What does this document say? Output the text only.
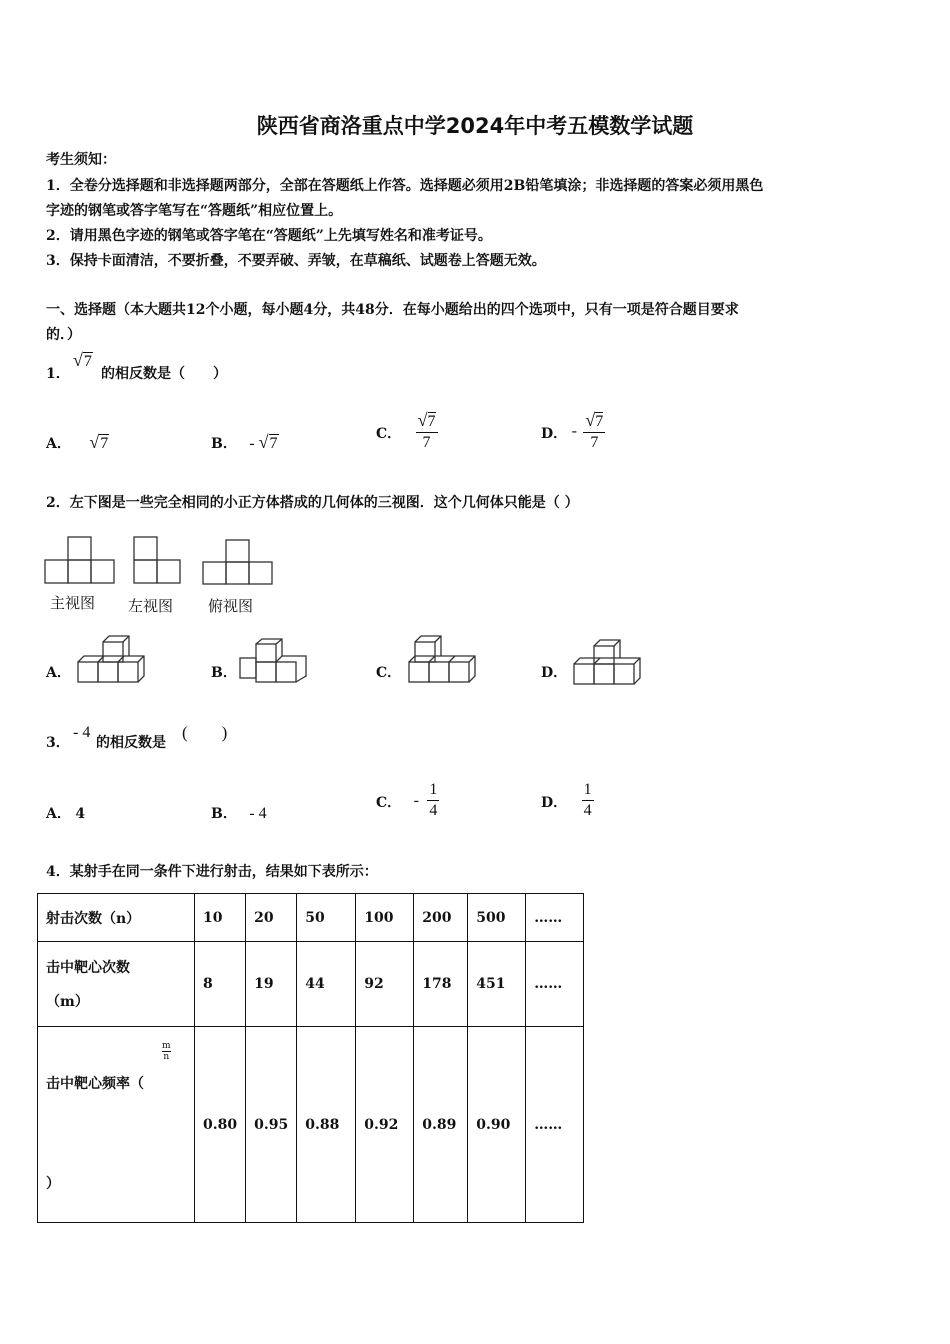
陕西省商洛重点中学2024年中考五模数学试题
考生须知：
1．全卷分选择题和非选择题两部分，全部在答题纸上作答。选择题必须用2B铅笔填涂；非选择题的答案必须用黑色
字迹的钢笔或答字笔写在“答题纸”相应位置上。
2．请用黑色字迹的钢笔或答字笔在“答题纸”上先填写姓名和准考证号。
3．保持卡面清洁，不要折叠，不要弄破、弄皱，在草稿纸、试题卷上答题无效。
一、选择题（本大题共12个小题，每小题4分，共48分．在每小题给出的四个选项中，只有一项是符合题目要求
的．）
1．
√7
的相反数是（　　）
A． √7	B． - √7
C． $\frac{√7}{7}$	D． - $\frac{√7}{7}$
2．左下图是一些完全相同的小正方体搭成的几何体的三视图．这个几何体只能是（ ）
主视图 左视图 俯视图
A．	B．	C．	D．
3．
- 4
的相反数是
(　　)
A． 4	B． - 4
C． - $\frac{1}{4}$	D． $\frac{1}{4}$
4．某射手在同一条件下进行射击，结果如下表所示：
射击次数（n）	10	20	50	100	200	500	……

击中靶心次数
（m）	8	19	44	92	178	451	……

$\frac{m}{n}$
击中靶心频率（
）	0.80	0.95	0.88	0.92	0.89	0.90	……
